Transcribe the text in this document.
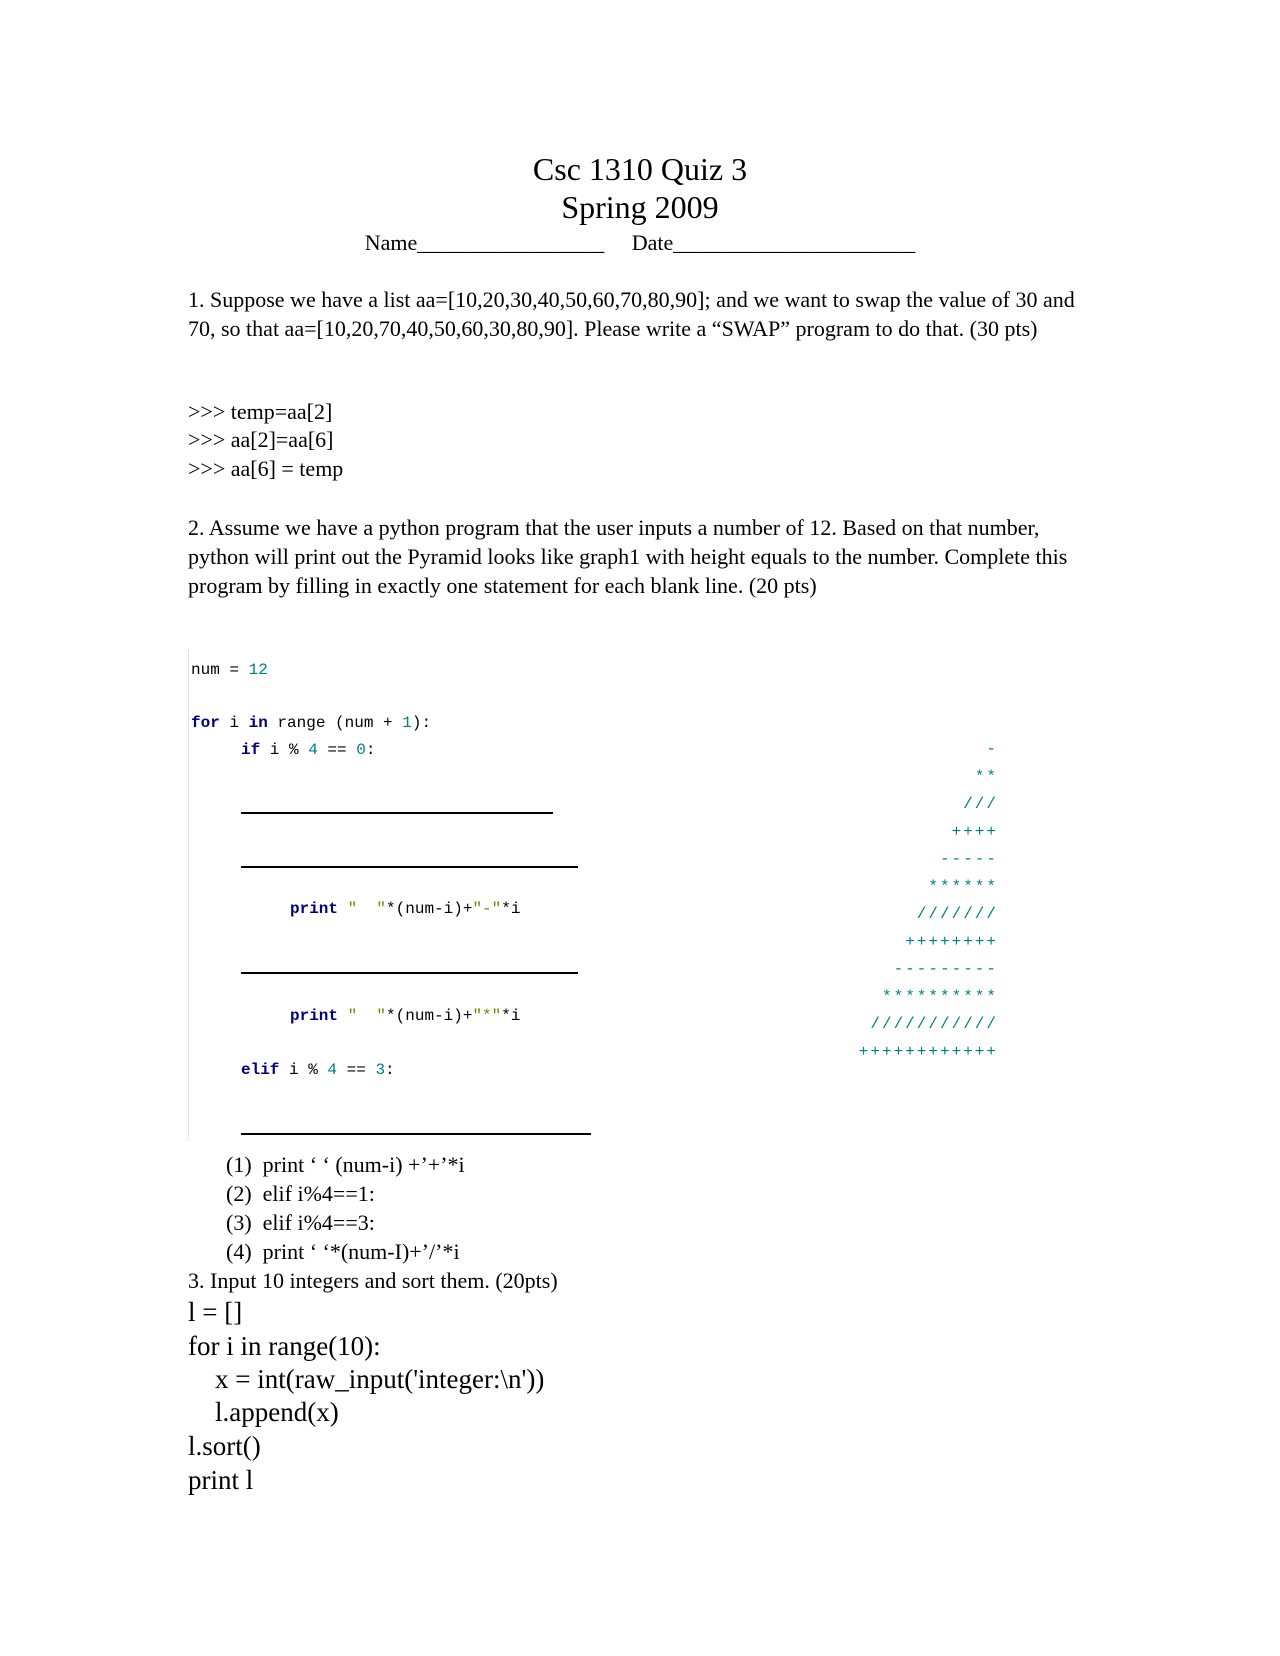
Csc 1310 Quiz 3
Spring 2009
Name_________________     Date______________________
1. Suppose we have a list aa=[10,20,30,40,50,60,70,80,90]; and we want to swap the value of 30 and 70, so that aa=[10,20,70,40,50,60,30,80,90]. Please write a “SWAP” program to do that. (30 pts)
>>> temp=aa[2]
>>> aa[2]=aa[6]
>>> aa[6] = temp
2. Assume we have a python program that the user inputs a number of 12. Based on that number, python will print out the Pyramid looks like graph1 with height equals to the number. Complete this program by filling in exactly one statement for each blank line. (20 pts)
num = 12
for i in range (num + 1):
if i % 4 == 0:
print "  "*(num-i)+"-"*i
print "  "*(num-i)+"*"*i
elif i % 4 == 3:
-
**
///
++++
-----
******
///////
++++++++
---------
**********
///////////
++++++++++++
(1)  print ‘ ‘ (num-i) +’+’*i
(2)  elif i%4==1:
(3)  elif i%4==3:
(4)  print ‘ ‘*(num-I)+’/’*i
3. Input 10 integers and sort them. (20pts)
l = []
for i in range(10):
x = int(raw_input('integer:\n'))
l.append(x)
l.sort()
print l
